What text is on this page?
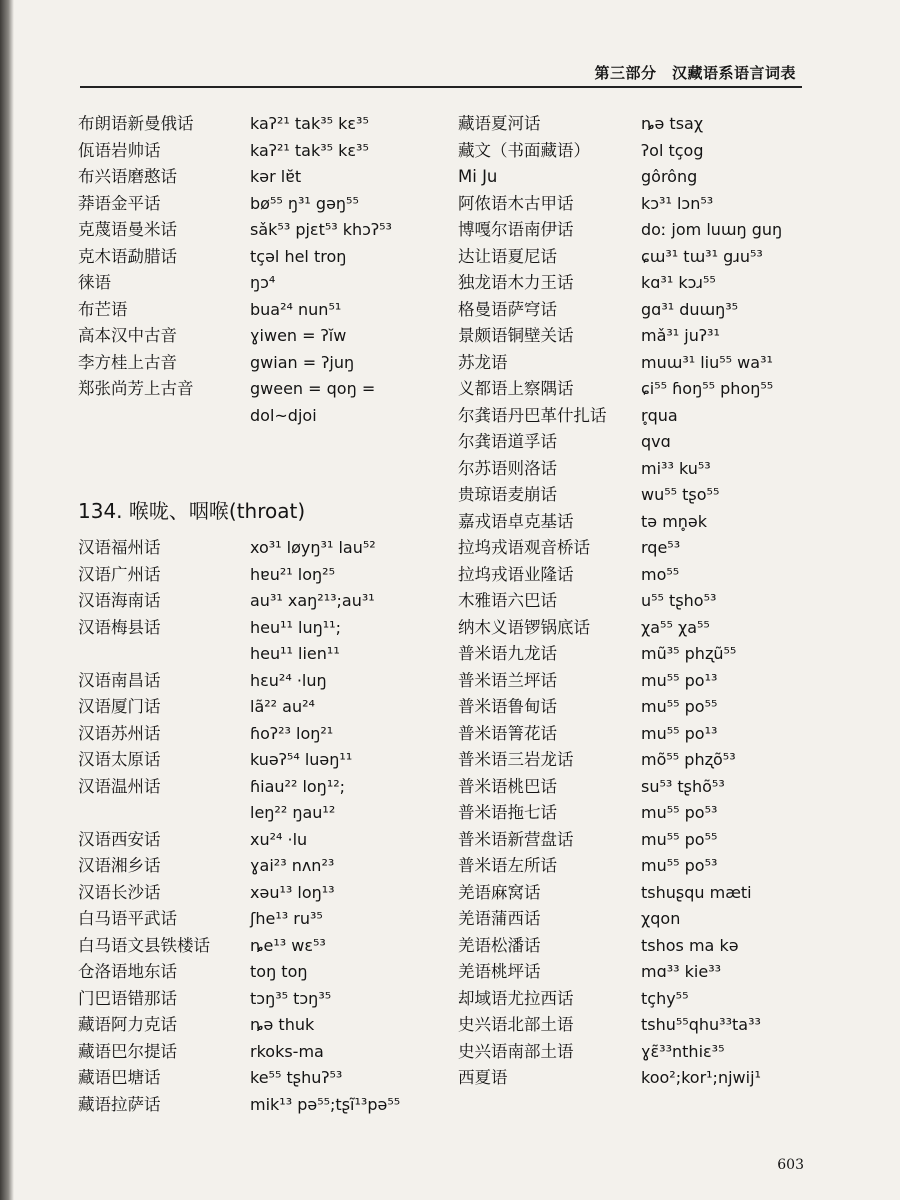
第三部分　汉藏语系语言词表
布朗语新曼俄话	kaʔ²¹ tak³⁵ kɛ³⁵
佤语岩帅话	kaʔ²¹ tak³⁵ kɛ³⁵
布兴语磨憨话	kər lɐ̆t
莽语金平话	bø⁵⁵ ŋ³¹ gəŋ⁵⁵
克蔑语曼米话	sǎk⁵³ pjɛt⁵³ khɔʔ⁵³
克木语勐腊话	tçəl hel troŋ
徕语	ŋɔ⁴
布芒语	bua²⁴ nun⁵¹
高本汉中古音	ɣiwen = ʔĭw
李方桂上古音	gwian = ʔjuŋ
郑张尚芳上古音	gween = qoŋ =
dol~djoi
134. 喉咙、咽喉(throat)
汉语福州话	xo³¹ løyŋ³¹ lau⁵²
汉语广州话	hɐu²¹ loŋ²⁵
汉语海南话	au³¹ xaŋ²¹³;au³¹
汉语梅县话	heu¹¹ luŋ¹¹;
heu¹¹ lien¹¹
汉语南昌话	hɛu²⁴ ·luŋ
汉语厦门话	lã²² au²⁴
汉语苏州话	ɦoʔ²³ loŋ²¹
汉语太原话	kuəʔ⁵⁴ luəŋ¹¹
汉语温州话	ɦiau²² loŋ¹²;
leŋ²² ŋau¹²
汉语西安话	xu²⁴ ·lu
汉语湘乡话	ɣai²³ nʌn²³
汉语长沙话	xəu¹³ loŋ¹³
白马语平武话	ʃhe¹³ ru³⁵
白马语文县铁楼话	ȵe¹³ wɛ⁵³
仓洛语地东话	toŋ toŋ
门巴语错那话	tɔŋ³⁵ tɔŋ³⁵
藏语阿力克话	ȵə thuk
藏语巴尔提话	rkoks-ma
藏语巴塘话	ke⁵⁵ tʂhuʔ⁵³
藏语拉萨话	mik¹³ pə⁵⁵;tʂĩ¹³pə⁵⁵
藏语夏河话	ȵə tsaχ
藏文（书面藏语）	ʔol tçog
Mi Ju	gôrông
阿侬语木古甲话	kɔ³¹ lɔn⁵³
博嘎尔语南伊话	doː jom luɯŋ guŋ
达让语夏尼话	ɕɯ³¹ tɯ³¹ gɹu⁵³
独龙语木力王话	kɑ³¹ kɔɹ⁵⁵
格曼语萨穹话	gɑ³¹ duɯŋ³⁵
景颇语铜壁关话	mǎ³¹ juʔ³¹
苏龙语	muɯ³¹ liu⁵⁵ wa³¹
义都语上察隅话	ɕi⁵⁵ ɦoŋ⁵⁵ phoŋ⁵⁵
尔龚语丹巴革什扎话	r̥qua
尔龚语道孚话	qvɑ
尔苏语则洛话	mi³³ ku⁵³
贵琼语麦崩话	wu⁵⁵ tʂo⁵⁵
嘉戎语卓克基话	tə mn̥ək
拉坞戎语观音桥话	rqe⁵³
拉坞戎语业隆话	mo⁵⁵
木雅语六巴话	u⁵⁵ tʂho⁵³
纳木义语锣锅底话	χa⁵⁵ χa⁵⁵
普米语九龙话	mũ³⁵ phʐũ⁵⁵
普米语兰坪话	mu⁵⁵ po¹³
普米语鲁甸话	mu⁵⁵ po⁵⁵
普米语箐花话	mu⁵⁵ po¹³
普米语三岩龙话	mõ⁵⁵ phʐõ⁵³
普米语桃巴话	su⁵³ tʂhõ⁵³
普米语拖七话	mu⁵⁵ po⁵³
普米语新营盘话	mu⁵⁵ po⁵⁵
普米语左所话	mu⁵⁵ po⁵³
羌语麻窝话	tshuʂqu mæti
羌语蒲西话	χqon
羌语松潘话	tshos ma kə
羌语桃坪话	mɑ³³ kie³³
却域语尤拉西话	tçhy⁵⁵
史兴语北部土语	tshu⁵⁵qhu³³ta³³
史兴语南部土语	ɣɛ̃³³nthiɛ³⁵
西夏语	koo²;kor¹;njwij¹
603
